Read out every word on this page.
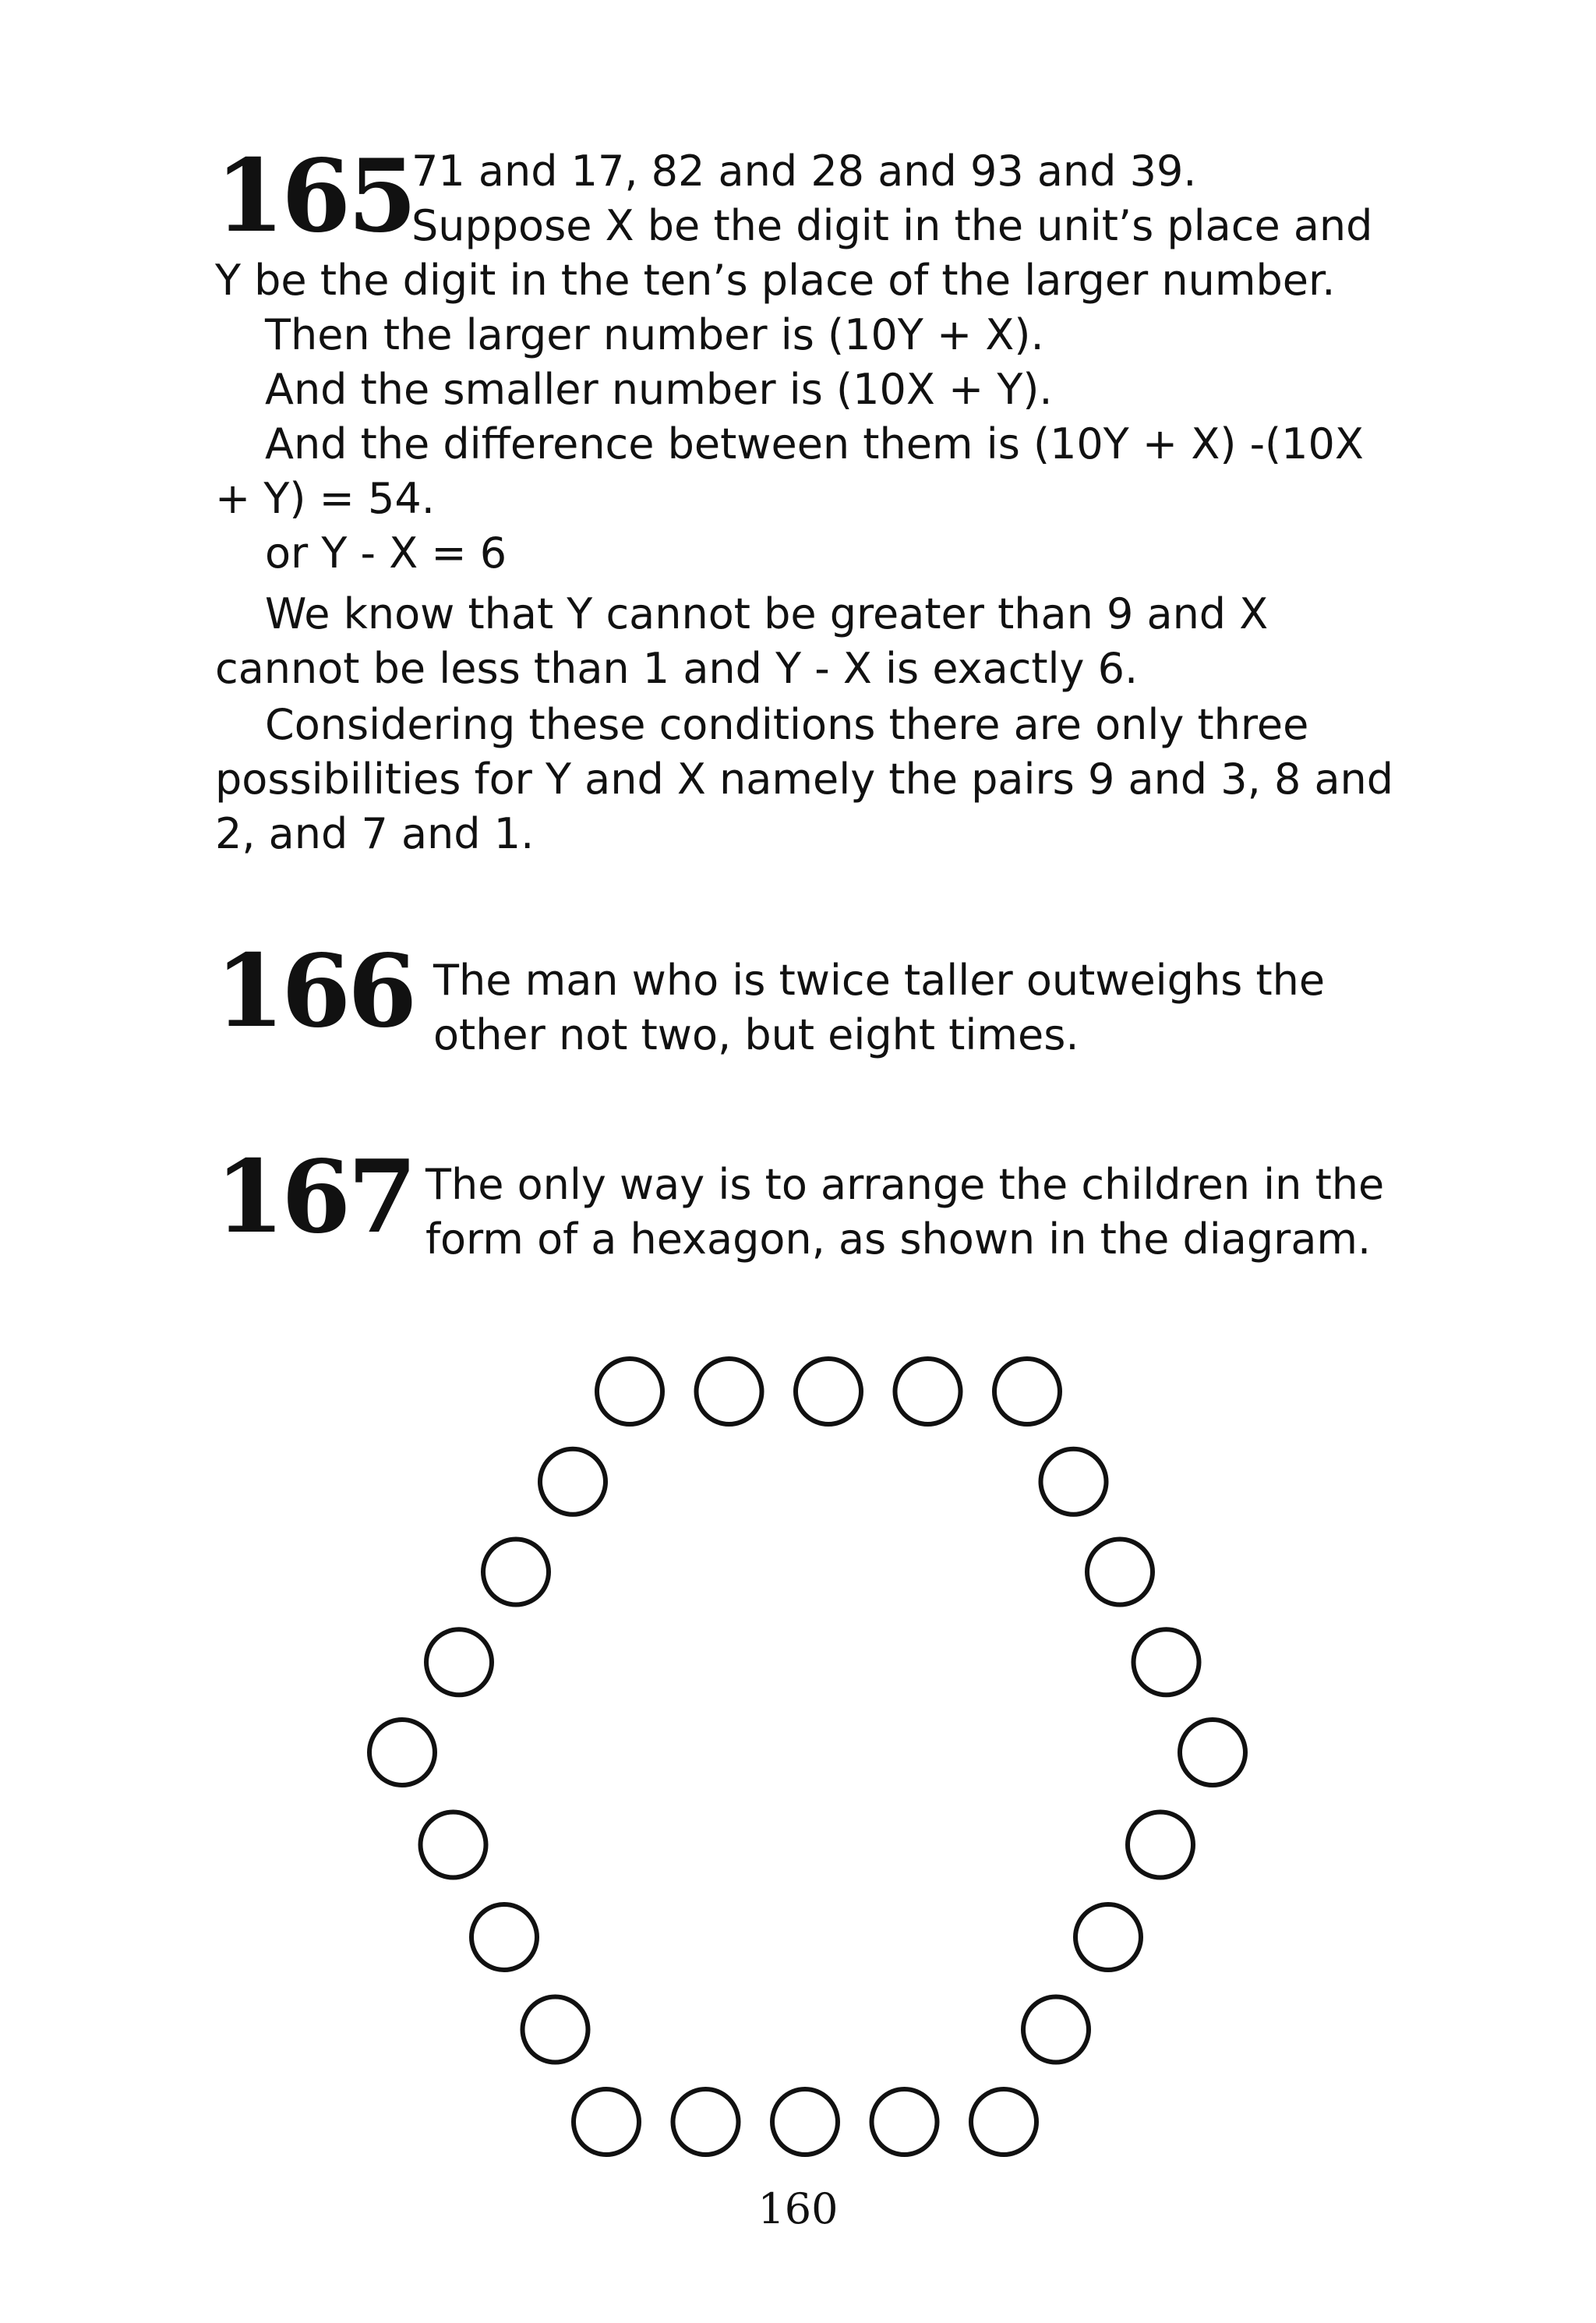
165
71 and 17, 82 and 28 and 93 and 39.
Suppose X be the digit in the unit’s place and
Y be the digit in the ten’s place of the larger number.
Then the larger number is (10Y + X).
And the smaller number is (10X + Y).
And the difference between them is (10Y + X) -(10X
+ Y) = 54.
or Y - X = 6
We know that Y cannot be greater than 9 and X
cannot be less than 1 and Y - X is exactly 6.
Considering these conditions there are only three
possibilities for Y and X namely the pairs 9 and 3, 8 and
2, and 7 and 1.
166 The man who is twice taller outweighs the
other not two, but eight times.
167 The only way is to arrange the children in the
form of a hexagon, as shown in the diagram.
160
